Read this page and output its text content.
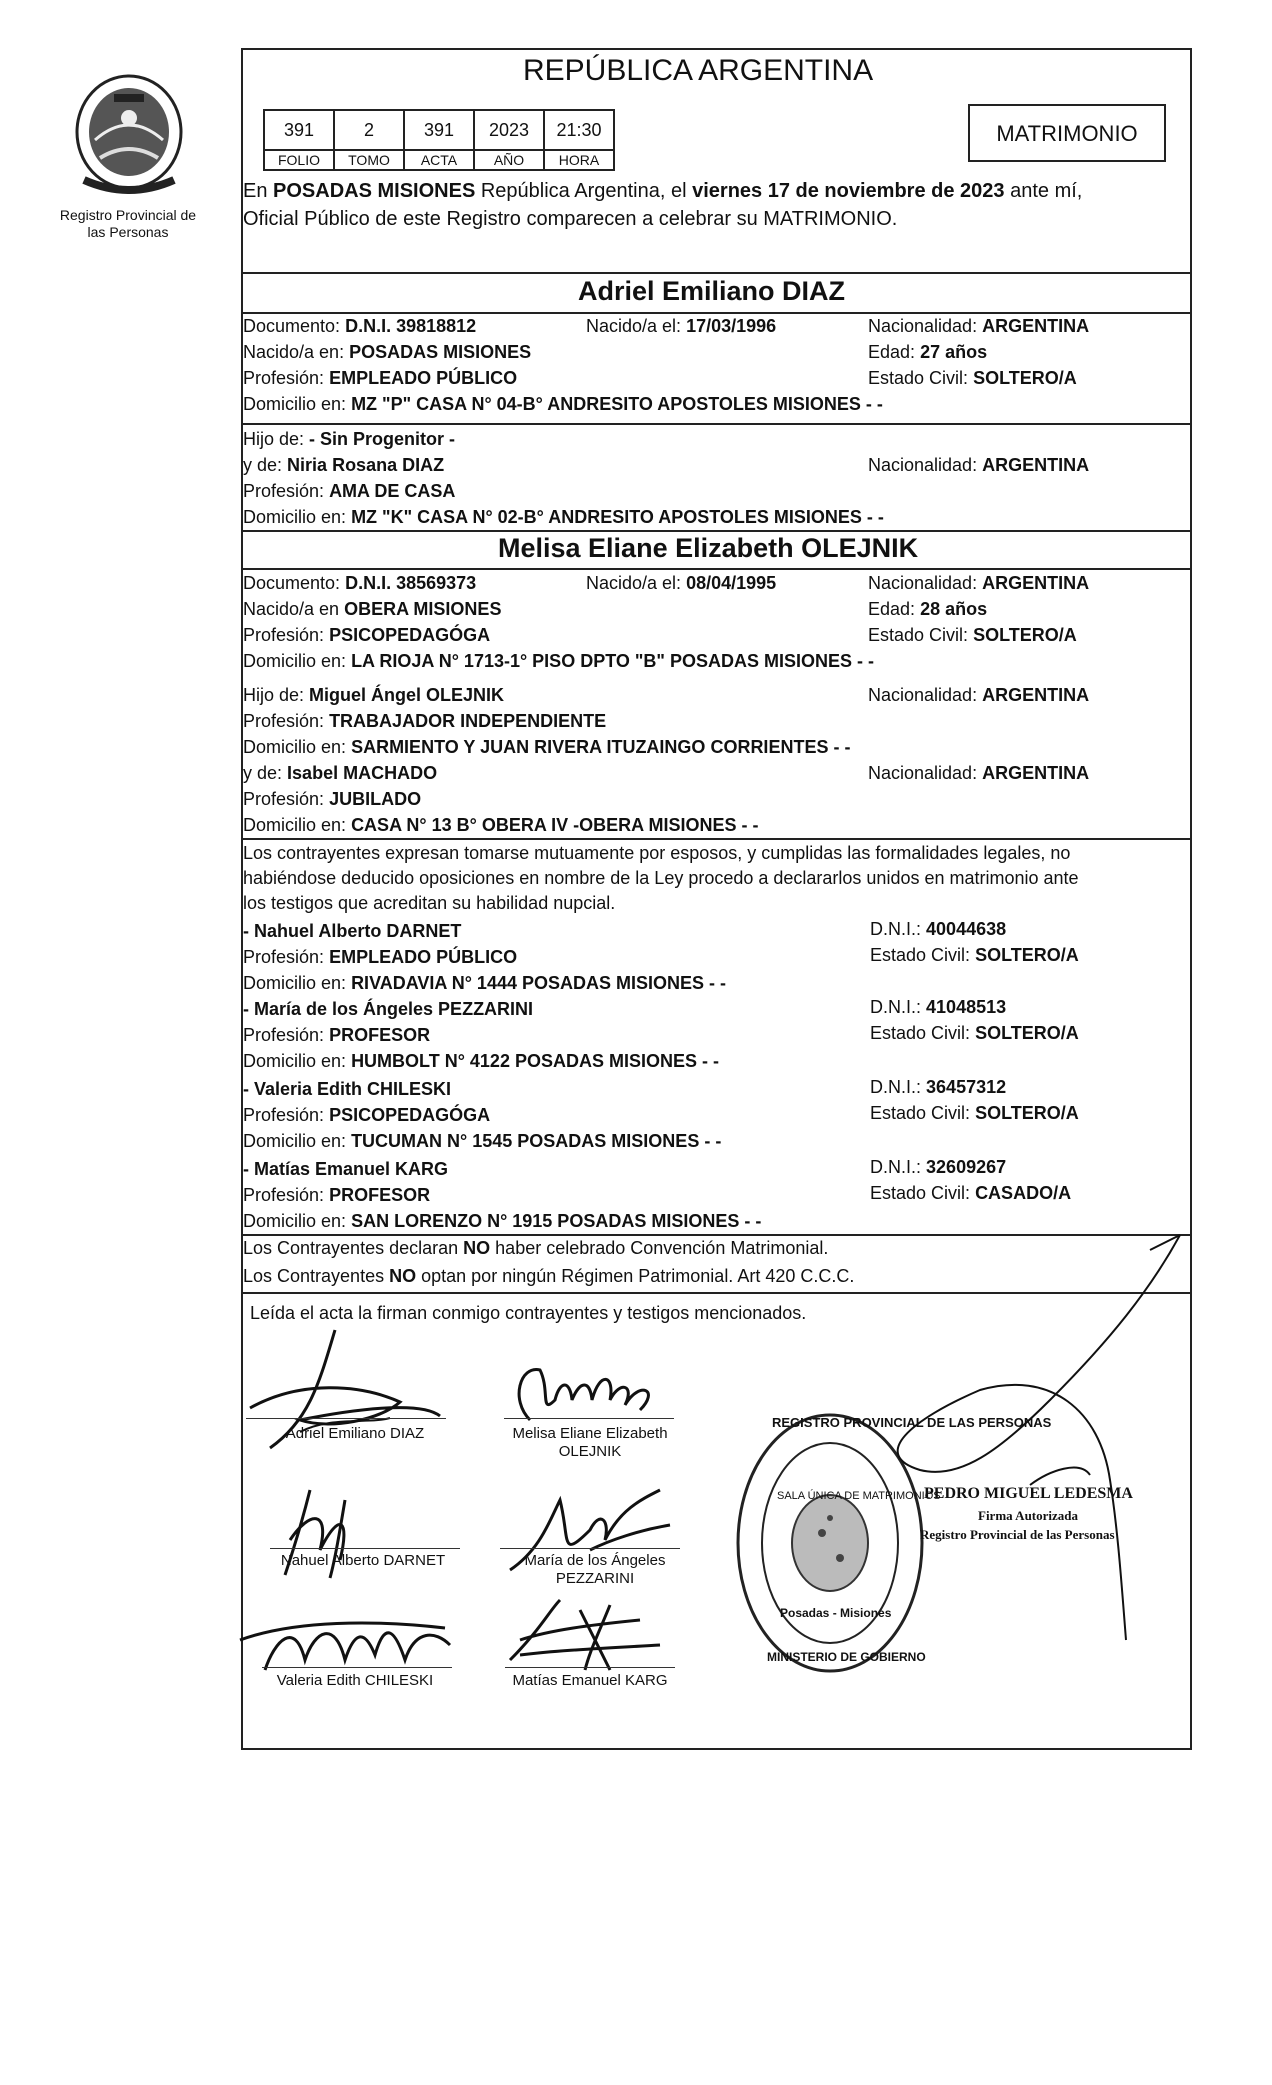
Registro Provincial de las Personas
REPÚBLICA ARGENTINA
391	2	391	2023	21:30
FOLIO	TOMO	ACTA	AÑO	HORA
MATRIMONIO
En POSADAS MISIONES República Argentina, el viernes 17 de noviembre de 2023 ante mí,
Oficial Público de este Registro comparecen a celebrar su MATRIMONIO.
Adriel Emiliano DIAZ
Documento: D.N.I. 39818812	Nacido/a el: 17/03/1996	Nacionalidad: ARGENTINA
Nacido/a en: POSADAS MISIONES	Edad: 27 años
Profesión: EMPLEADO PÚBLICO	Estado Civil: SOLTERO/A
Domicilio en: MZ "P" CASA N° 04-B° ANDRESITO APOSTOLES MISIONES - -
Hijo de: - Sin Progenitor -
y de: Niria Rosana DIAZ	Nacionalidad: ARGENTINA
Profesión: AMA DE CASA
Domicilio en: MZ "K" CASA N° 02-B° ANDRESITO APOSTOLES MISIONES - -
Melisa Eliane Elizabeth OLEJNIK
Documento: D.N.I. 38569373	Nacido/a el: 08/04/1995	Nacionalidad: ARGENTINA
Nacido/a en OBERA MISIONES	Edad: 28 años
Profesión: PSICOPEDAGÓGA	Estado Civil: SOLTERO/A
Domicilio en: LA RIOJA N° 1713-1° PISO DPTO "B" POSADAS MISIONES - -
Hijo de: Miguel Ángel OLEJNIK	Nacionalidad: ARGENTINA
Profesión: TRABAJADOR INDEPENDIENTE
Domicilio en: SARMIENTO Y JUAN RIVERA ITUZAINGO CORRIENTES - -
y de: Isabel MACHADO	Nacionalidad: ARGENTINA
Profesión: JUBILADO
Domicilio en: CASA N° 13 B° OBERA IV -OBERA MISIONES - -
Los contrayentes expresan tomarse mutuamente por esposos, y cumplidas las formalidades legales, no
habiéndose deducido oposiciones en nombre de la Ley procedo a declararlos unidos en matrimonio ante
los testigos que acreditan su habilidad nupcial.
- Nahuel Alberto DARNET	D.N.I.: 40044638
Profesión: EMPLEADO PÚBLICO	Estado Civil: SOLTERO/A
Domicilio en: RIVADAVIA N° 1444 POSADAS MISIONES - -
- María de los Ángeles PEZZARINI	D.N.I.: 41048513
Profesión: PROFESOR	Estado Civil: SOLTERO/A
Domicilio en: HUMBOLT N° 4122 POSADAS MISIONES - -
- Valeria Edith CHILESKI	D.N.I.: 36457312
Profesión: PSICOPEDAGÓGA	Estado Civil: SOLTERO/A
Domicilio en: TUCUMAN N° 1545 POSADAS MISIONES - -
- Matías Emanuel KARG	D.N.I.: 32609267
Profesión: PROFESOR	Estado Civil: CASADO/A
Domicilio en: SAN LORENZO N° 1915 POSADAS MISIONES - -
Los Contrayentes declaran NO haber celebrado Convención Matrimonial.
Los Contrayentes NO optan por ningún Régimen Patrimonial. Art 420 C.C.C.
Leída el acta la firman conmigo contrayentes y testigos mencionados.
Adriel Emiliano DIAZ	Melisa Eliane Elizabeth
OLEJNIK
Nahuel Alberto DARNET	María de los Ángeles
PEZZARINI
Valeria Edith CHILESKI	Matías Emanuel KARG
REGISTRO PROVINCIAL DE LAS PERSONAS
SALA ÚNICA DE MATRIMONIOS
Posadas - Misiones
MINISTERIO DE GOBIERNO
PEDRO MIGUEL LEDESMA
Firma Autorizada
Registro Provincial de las Personas
